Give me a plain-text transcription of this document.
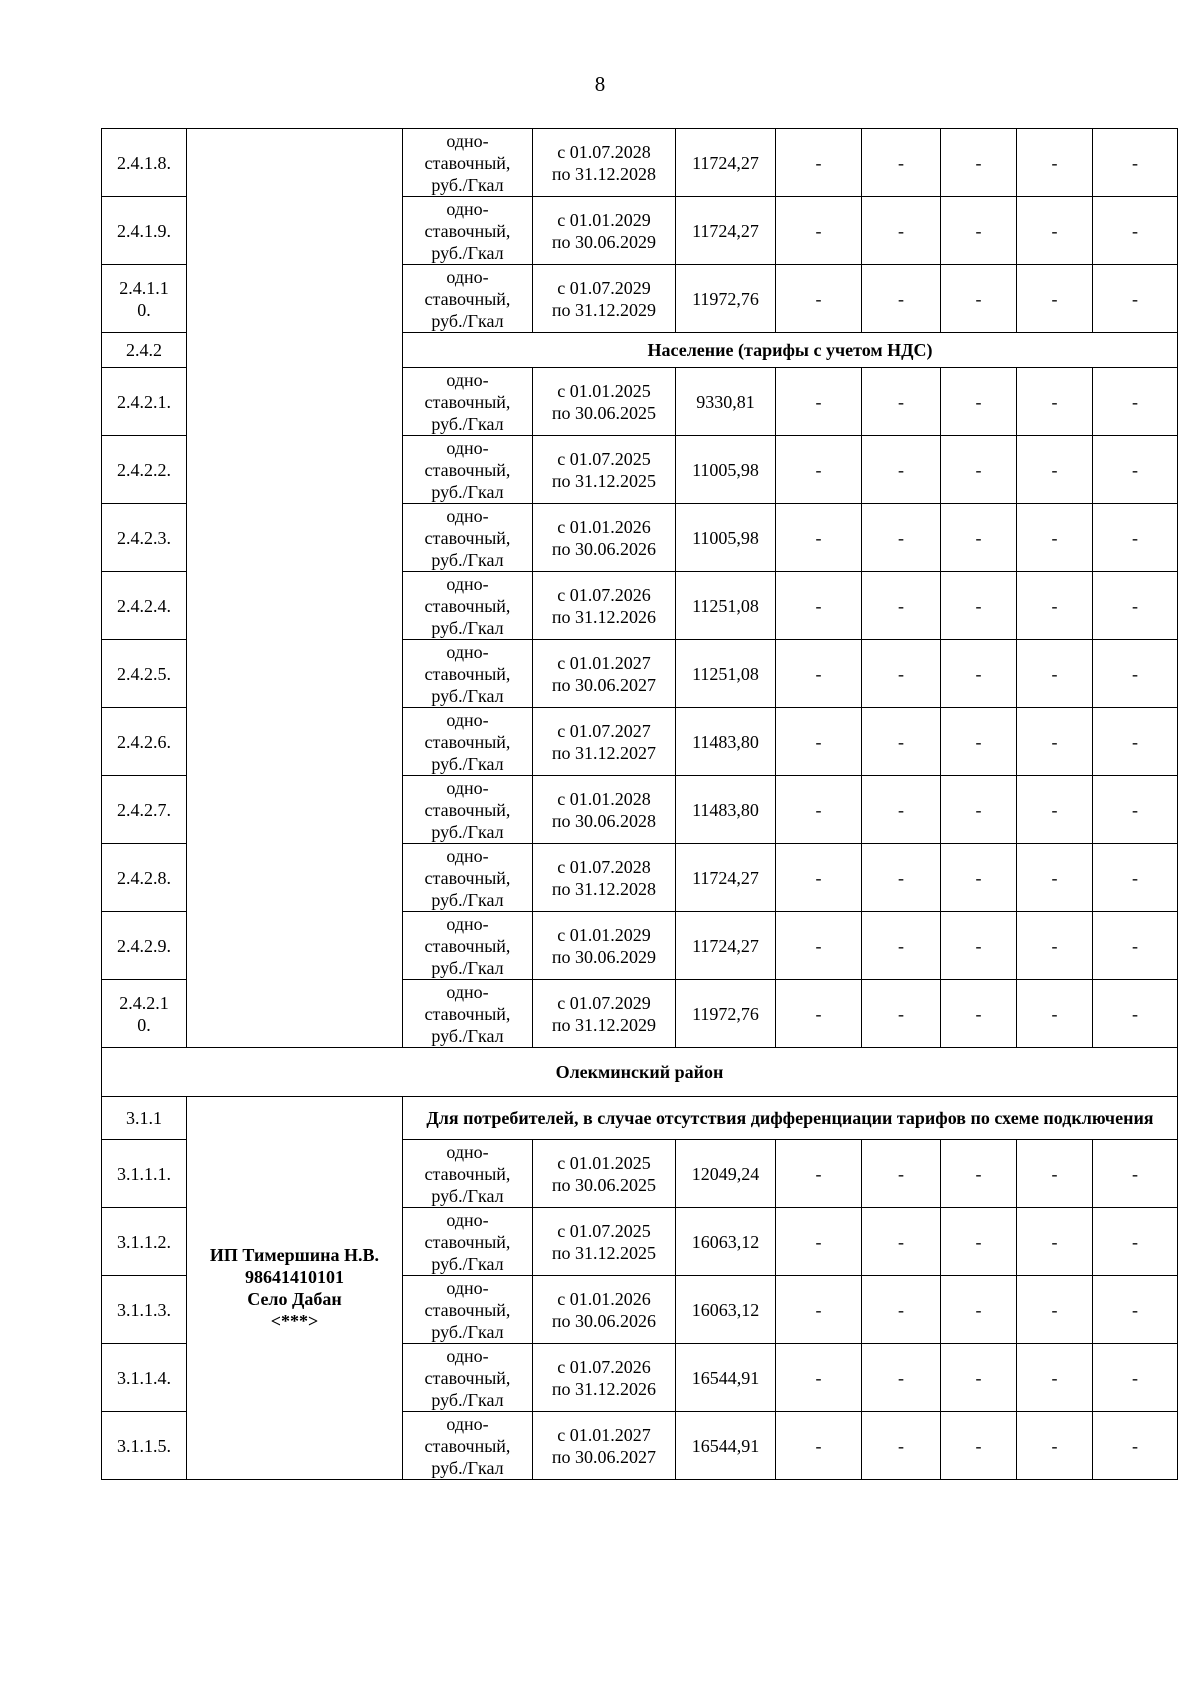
8
2.4.1.8.		одно-
ставочный,
руб./Гкал	с 01.07.2028
по 31.12.2028	11724,27	-	-	-	-	-
2.4.1.9.		одно-
ставочный,
руб./Гкал	с 01.01.2029
по 30.06.2029	11724,27	-	-	-	-	-
2.4.1.1
0.		одно-
ставочный,
руб./Гкал	с 01.07.2029
по 31.12.2029	11972,76	-	-	-	-	-
2.4.2		Население (тарифы с учетом НДС)							
2.4.2.1.		одно-
ставочный,
руб./Гкал	с 01.01.2025
по 30.06.2025	9330,81	-	-	-	-	-
2.4.2.2.		одно-
ставочный,
руб./Гкал	с 01.07.2025
по 31.12.2025	11005,98	-	-	-	-	-
2.4.2.3.		одно-
ставочный,
руб./Гкал	с 01.01.2026
по 30.06.2026	11005,98	-	-	-	-	-
2.4.2.4.		одно-
ставочный,
руб./Гкал	с 01.07.2026
по 31.12.2026	11251,08	-	-	-	-	-
2.4.2.5.		одно-
ставочный,
руб./Гкал	с 01.01.2027
по 30.06.2027	11251,08	-	-	-	-	-
2.4.2.6.		одно-
ставочный,
руб./Гкал	с 01.07.2027
по 31.12.2027	11483,80	-	-	-	-	-
2.4.2.7.		одно-
ставочный,
руб./Гкал	с 01.01.2028
по 30.06.2028	11483,80	-	-	-	-	-
2.4.2.8.		одно-
ставочный,
руб./Гкал	с 01.07.2028
по 31.12.2028	11724,27	-	-	-	-	-
2.4.2.9.		одно-
ставочный,
руб./Гкал	с 01.01.2029
по 30.06.2029	11724,27	-	-	-	-	-
2.4.2.1
0.		одно-
ставочный,
руб./Гкал	с 01.07.2029
по 31.12.2029	11972,76	-	-	-	-	-
Олекминский район									
3.1.1	ИП Тимершина Н.В.
98641410101
Село Дабан
<***>	Для потребителей, в случае отсутствия дифференциации тарифов по схеме подключения							
3.1.1.1.		одно-
ставочный,
руб./Гкал	с 01.01.2025
по 30.06.2025	12049,24	-	-	-	-	-
3.1.1.2.		одно-
ставочный,
руб./Гкал	с 01.07.2025
по 31.12.2025	16063,12	-	-	-	-	-
3.1.1.3.		одно-
ставочный,
руб./Гкал	с 01.01.2026
по 30.06.2026	16063,12	-	-	-	-	-
3.1.1.4.		одно-
ставочный,
руб./Гкал	с 01.07.2026
по 31.12.2026	16544,91	-	-	-	-	-
3.1.1.5.		одно-
ставочный,
руб./Гкал	с 01.01.2027
по 30.06.2027	16544,91	-	-	-	-	-
